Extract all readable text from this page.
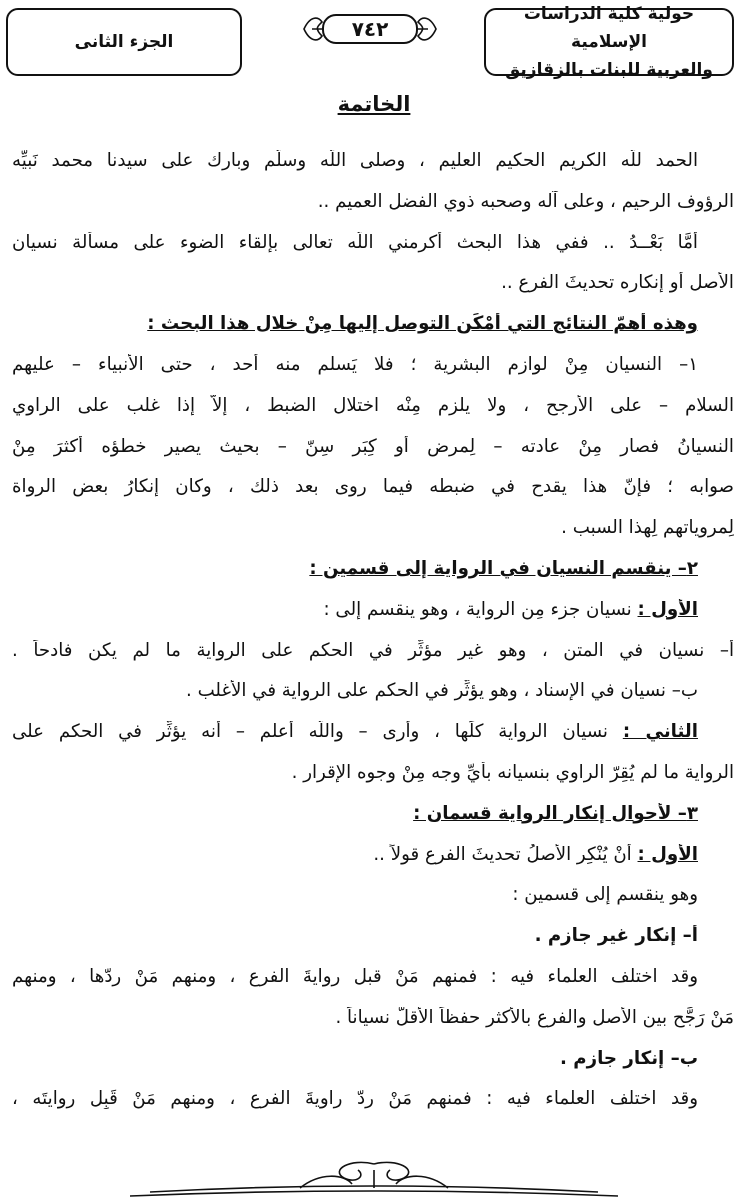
حولية كلية الدراسات الإسلامية
والعربية للبنات بالزقازيق
٧٤٢
الجزء الثانى
الخاتمة
الحمد للَّه الكريم الحكيم العليم ، وصلى اللَّه وسلَّم وبارك على سيدنا محمد نَبيِّه
الرؤوف الرحيم ، وعلى آله وصحبه ذوي الفضل العميم ..
أمَّا بَعْــدُ .. ففي هذا البحث أكرمني اللَّه تعالى بإلقاء الضوء على مسألة نسيان
الأصل أو إنكاره تحديثَ الفرع ..
وهذه أهمّ النتائج التي أَمْكَن التوصل إليها مِنْ خلال هذا البحث :
١– النسيان مِنْ لوازم البشرية ؛ فلا يَسلم منه أحد ، حتى الأنبياء – عليهم
السلام – على الأرجح ، ولا يلزم مِنْه اختلال الضبط ، إلاَّ إذا غلب على الراوي
النسيانُ فصار مِنْ عادته – لِمرض أو كِبَر سِنّ – بحيث يصير خطؤه أكثرَ مِنْ
صوابه ؛ فإنّ هذا يقدح في ضبطه فيما روى بعد ذلك ، وكان إنكارُ بعض الرواة
لِمروياتهم لِهذا السبب .
٢– ينقسم النسيان في الرواية إلى قسمين :
الأول : نسيان جزء مِن الرواية ، وهو ينقسم إلى :
أ– نسيان في المتن ، وهو غير مؤثِّر في الحكم على الرواية ما لم يكن فادحاً .
ب– نسيان في الإسناد ، وهو يؤثِّر في الحكم على الرواية في الأغلب .
الثاني : نسيان الرواية كلِّها ، وأرى – واللَّه أعلم – أنه يؤثِّر في الحكم على
الرواية ما لم يُقِرّ الراوي بنسيانه بأيِّ وجه مِنْ وجوه الإقرار .
٣– لأحوال إنكار الرواية قسمان :
الأول : أنْ يُنْكِر الأصلُ تحديثَ الفرع قولاً ..
وهو ينقسم إلى قسمين :
أ– إنكار غير جازم .
وقد اختلف العلماء فيه : فمنهم مَنْ قبل روايةَ الفرع ، ومنهم مَنْ ردّها ، ومنهم
مَنْ رَجَّح بين الأصل والفرع بالأكثر حفظاً الأقلّ نسياناً .
ب– إنكار جازم .
وقد اختلف العلماء فيه : فمنهم مَنْ ردّ راويةَ الفرع ، ومنهم مَنْ قَبِل روايتَه ،
